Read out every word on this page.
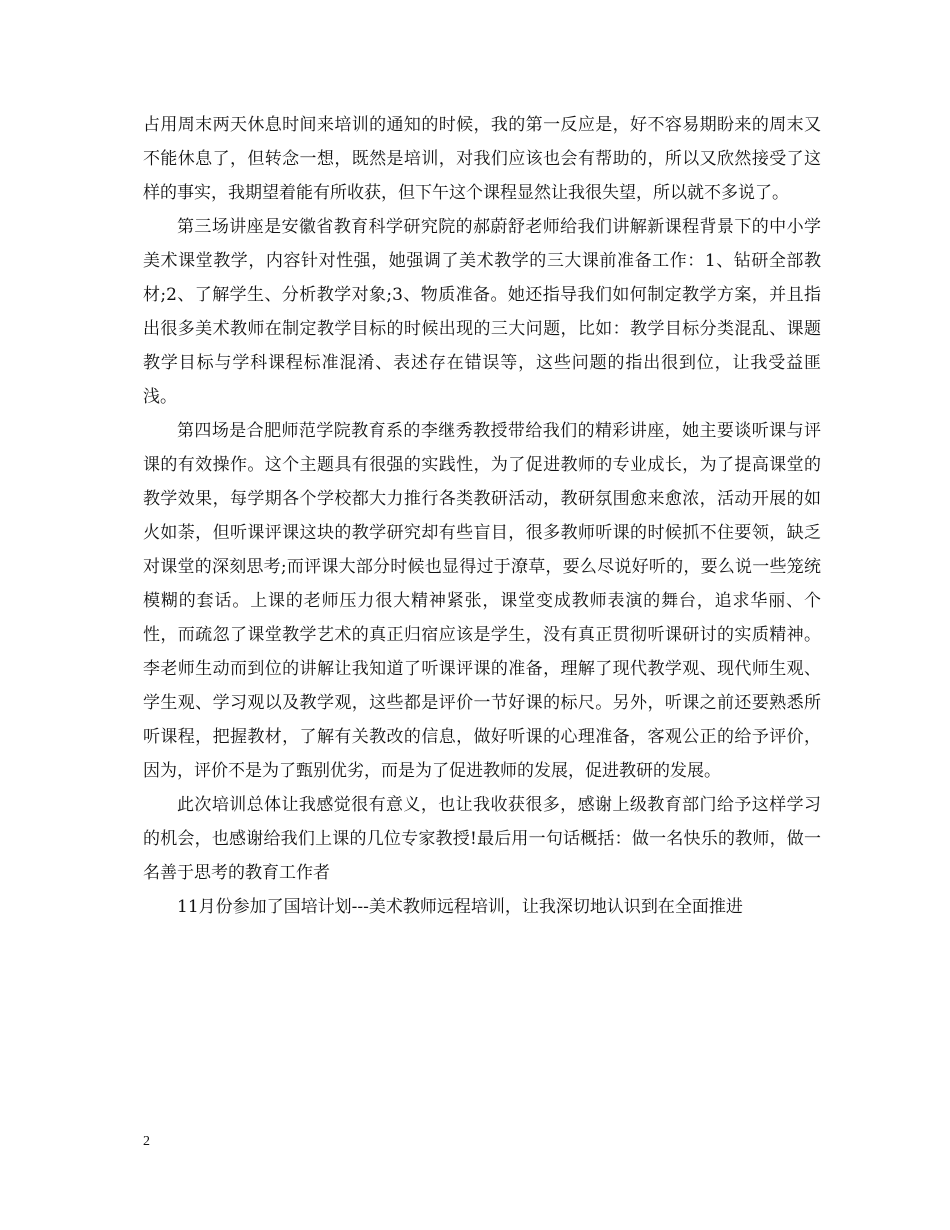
占用周末两天休息时间来培训的通知的时候，我的第一反应是，好不容易期盼来的周末又不能休息了，但转念一想，既然是培训，对我们应该也会有帮助的，所以又欣然接受了这样的事实，我期望着能有所收获，但下午这个课程显然让我很失望，所以就不多说了。

第三场讲座是安徽省教育科学研究院的郝蔚舒老师给我们讲解新课程背景下的中小学美术课堂教学，内容针对性强，她强调了美术教学的三大课前准备工作：1、钻研全部教材;2、了解学生、分析教学对象;3、物质准备。她还指导我们如何制定教学方案，并且指出很多美术教师在制定教学目标的时候出现的三大问题，比如：教学目标分类混乱、课题教学目标与学科课程标准混淆、表述存在错误等，这些问题的指出很到位，让我受益匪浅。

第四场是合肥师范学院教育系的李继秀教授带给我们的精彩讲座，她主要谈听课与评课的有效操作。这个主题具有很强的实践性，为了促进教师的专业成长，为了提高课堂的教学效果，每学期各个学校都大力推行各类教研活动，教研氛围愈来愈浓，活动开展的如火如荼，但听课评课这块的教学研究却有些盲目，很多教师听课的时候抓不住要领，缺乏对课堂的深刻思考;而评课大部分时候也显得过于潦草，要么尽说好听的，要么说一些笼统模糊的套话。上课的老师压力很大精神紧张，课堂变成教师表演的舞台，追求华丽、个性，而疏忽了课堂教学艺术的真正归宿应该是学生，没有真正贯彻听课研讨的实质精神。李老师生动而到位的讲解让我知道了听课评课的准备，理解了现代教学观、现代师生观、学生观、学习观以及教学观，这些都是评价一节好课的标尺。另外，听课之前还要熟悉所听课程，把握教材，了解有关教改的信息，做好听课的心理准备，客观公正的给予评价，因为，评价不是为了甄别优劣，而是为了促进教师的发展，促进教研的发展。

此次培训总体让我感觉很有意义，也让我收获很多，感谢上级教育部门给予这样学习的机会，也感谢给我们上课的几位专家教授!最后用一句话概括：做一名快乐的教师，做一名善于思考的教育工作者

11月份参加了国培计划---美术教师远程培训，让我深切地认识到在全面推进

2
